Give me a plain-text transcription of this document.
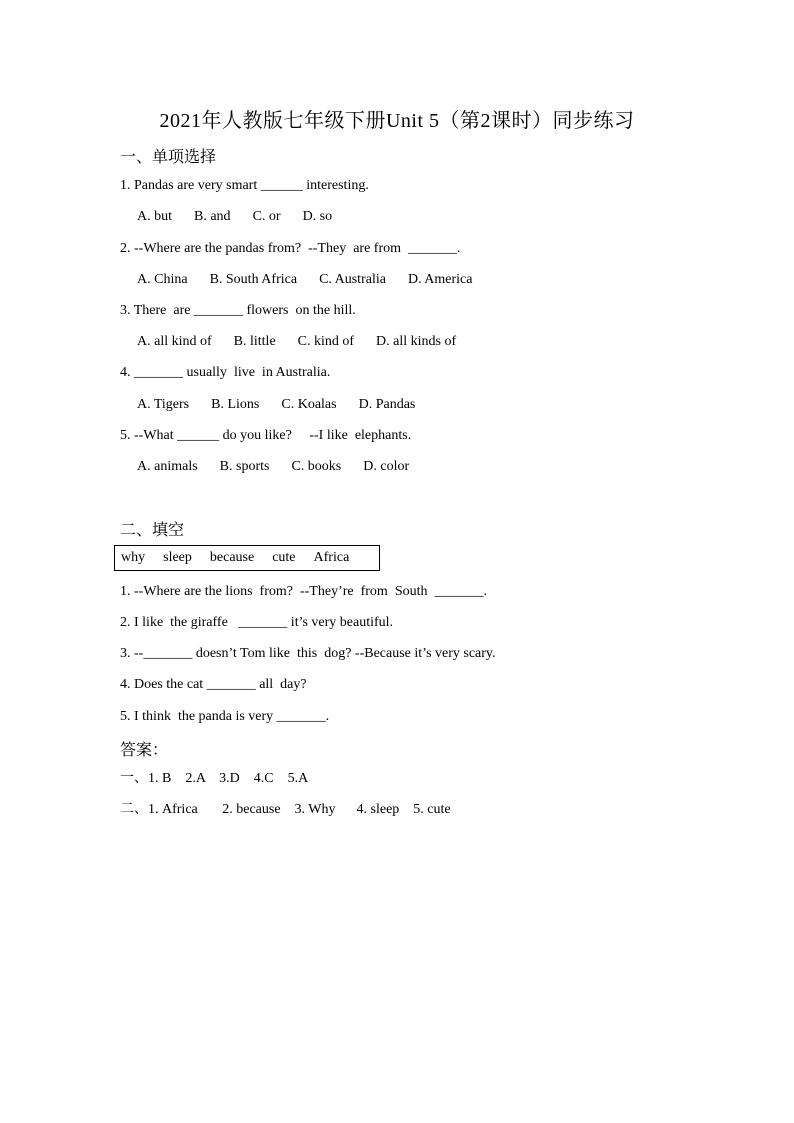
2021年人教版七年级下册Unit 5（第2课时）同步练习
一、单项选择
1. Pandas are very smart ______ interesting.
A. but B. and C. or D. so
2. --Where are the pandas from?  --They  are from  _______.
A. China B. South Africa C. Australia D. America
3. There  are _______ flowers  on the hill.
A. all kind of B. little C. kind of D. all kinds of
4. _______ usually  live  in Australia.
A. Tigers B. Lions C. Koalas D. Pandas
5. --What ______ do you like?     --I like  elephants.
A. animals B. sports C. books D. color
二、填空
why sleep because cute Africa
1. --Where are the lions  from?  --They’re  from  South  _______.
2. I like  the giraffe   _______ it’s very beautiful.
3. --_______ doesn’t Tom like  this  dog? --Because it’s very scary.
4. Does the cat _______ all  day?
5. I think  the panda is very _______.
答案：
一、1. B    2.A    3.D    4.C    5.A
二、1. Africa       2. because    3. Why      4. sleep    5. cute
